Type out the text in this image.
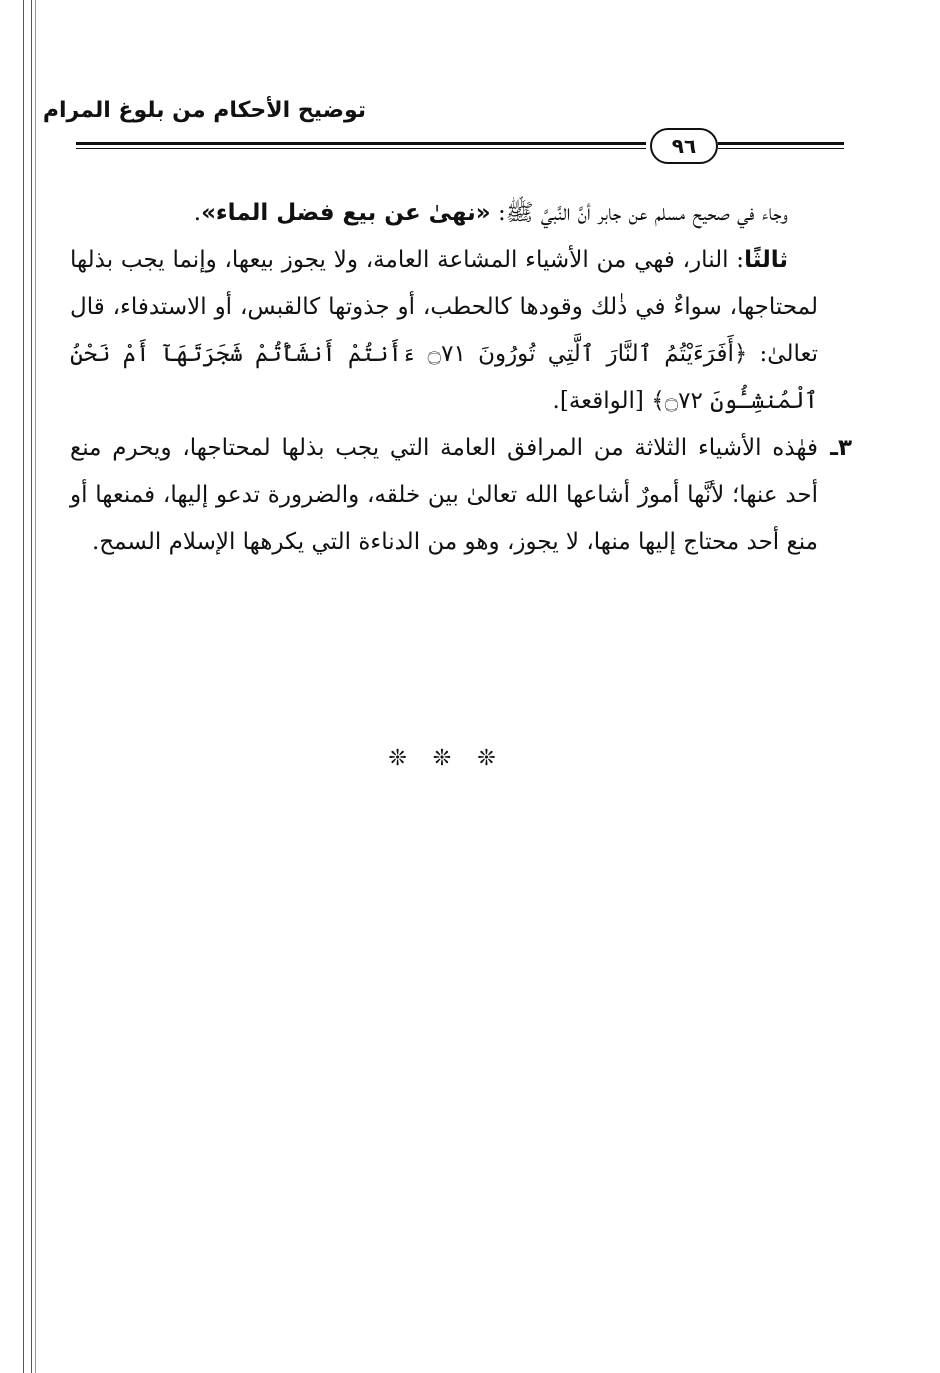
توضيح الأحكام من بلوغ المرام
٩٦

وجاء في صحيح مسلم عن جابر أنَّ النَّبيَّ ﷺ: «نهىٰ عن بيع فضل الماء».

ثالثًا: النار، فهي من الأشياء المشاعة العامة، ولا يجوز بيعها، وإنما يجب بذلها لمحتاجها، سواءٌ في ذٰلك وقودها كالحطب، أو جذوتها كالقبس، أو الاستدفاء، قال تعالىٰ: ﴿أَفَرَءَيْتُمُ ٱلنَّارَ ٱلَّتِي تُورُونَ ۝٧١ ءَأَنتُمْ أَنشَأْتُمْ شَجَرَتَهَآ أَمْ نَحْنُ ٱلْمُنشِـُٔونَ ۝٧٢﴾ [الواقعة].

٣ـ
فهٰذه الأشياء الثلاثة من المرافق العامة التي يجب بذلها لمحتاجها، ويحرم منع أحد عنها؛ لأنَّها أمورٌ أشاعها الله تعالىٰ بين خلقه، والضرورة تدعو إليها، فمنعها أو منع أحد محتاج إليها منها، لا يجوز، وهو من الدناءة التي يكرهها الإسلام السمح.

❊❊❊
